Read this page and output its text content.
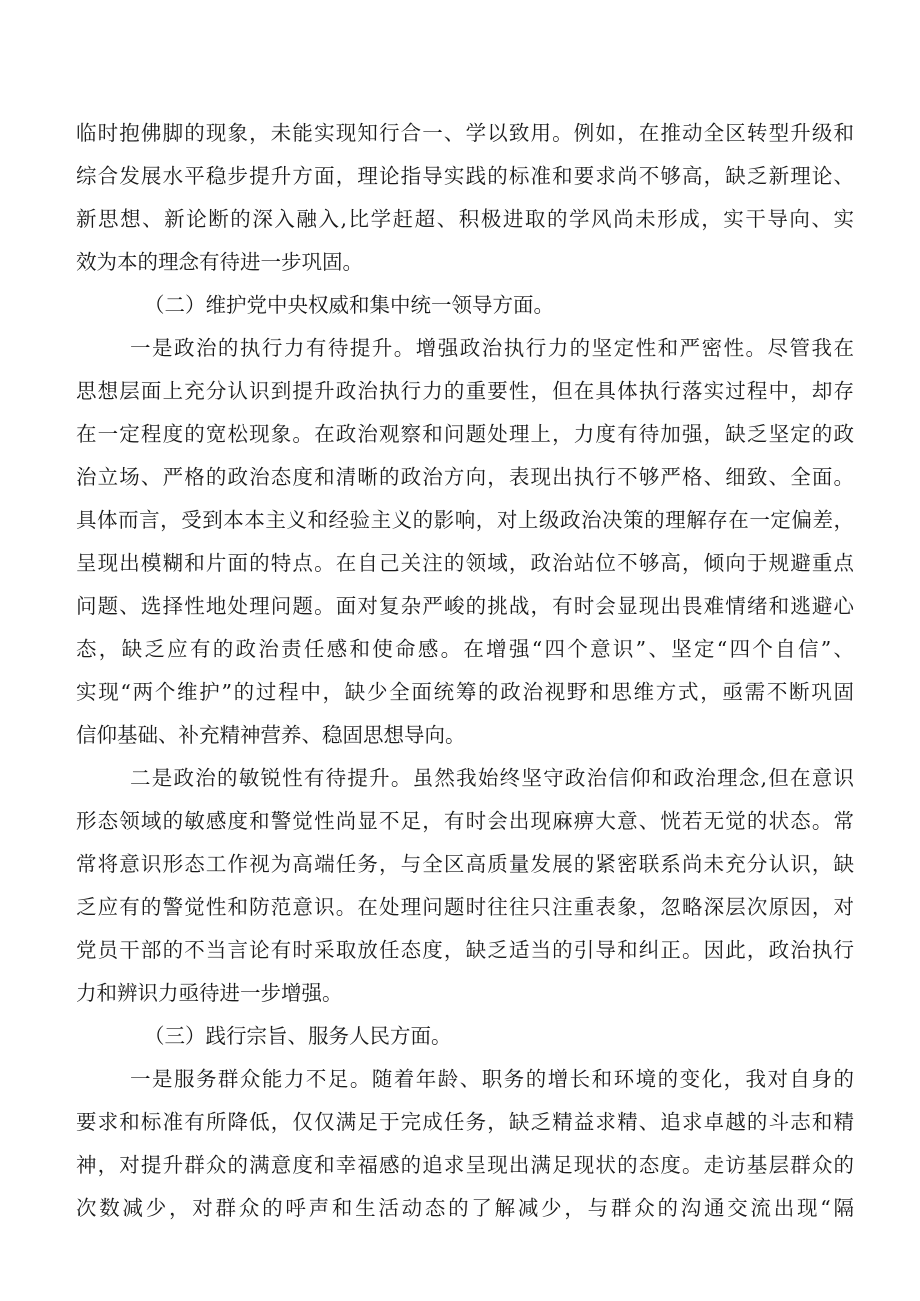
临时抱佛脚的现象，未能实现知行合一、学以致用。例如，在推动全区转型升级和
综合发展水平稳步提升方面，理论指导实践的标准和要求尚不够高，缺乏新理论、
新思想、新论断的深入融入,比学赶超、积极进取的学风尚未形成，实干导向、实
效为本的理念有待进一步巩固。
（二）维护党中央权威和集中统一领导方面。
一是政治的执行力有待提升。增强政治执行力的坚定性和严密性。尽管我在
思想层面上充分认识到提升政治执行力的重要性，但在具体执行落实过程中，却存
在一定程度的宽松现象。在政治观察和问题处理上，力度有待加强，缺乏坚定的政
治立场、严格的政治态度和清晰的政治方向，表现出执行不够严格、细致、全面。
具体而言，受到本本主义和经验主义的影响，对上级政治决策的理解存在一定偏差，
呈现出模糊和片面的特点。在自己关注的领域，政治站位不够高，倾向于规避重点
问题、选择性地处理问题。面对复杂严峻的挑战，有时会显现出畏难情绪和逃避心
态，缺乏应有的政治责任感和使命感。在增强“四个意识”、坚定“四个自信”、
实现“两个维护”的过程中，缺少全面统筹的政治视野和思维方式，亟需不断巩固
信仰基础、补充精神营养、稳固思想导向。
二是政治的敏锐性有待提升。虽然我始终坚守政治信仰和政治理念,但在意识
形态领域的敏感度和警觉性尚显不足，有时会出现麻痹大意、恍若无觉的状态。常
常将意识形态工作视为高端任务，与全区高质量发展的紧密联系尚未充分认识，缺
乏应有的警觉性和防范意识。在处理问题时往往只注重表象，忽略深层次原因，对
党员干部的不当言论有时采取放任态度，缺乏适当的引导和纠正。因此，政治执行
力和辨识力亟待进一步增强。
（三）践行宗旨、服务人民方面。
一是服务群众能力不足。随着年龄、职务的增长和环境的变化，我对自身的
要求和标准有所降低，仅仅满足于完成任务，缺乏精益求精、追求卓越的斗志和精
神，对提升群众的满意度和幸福感的追求呈现出满足现状的态度。走访基层群众的
次数减少，对群众的呼声和生活动态的了解减少，与群众的沟通交流出现“隔
